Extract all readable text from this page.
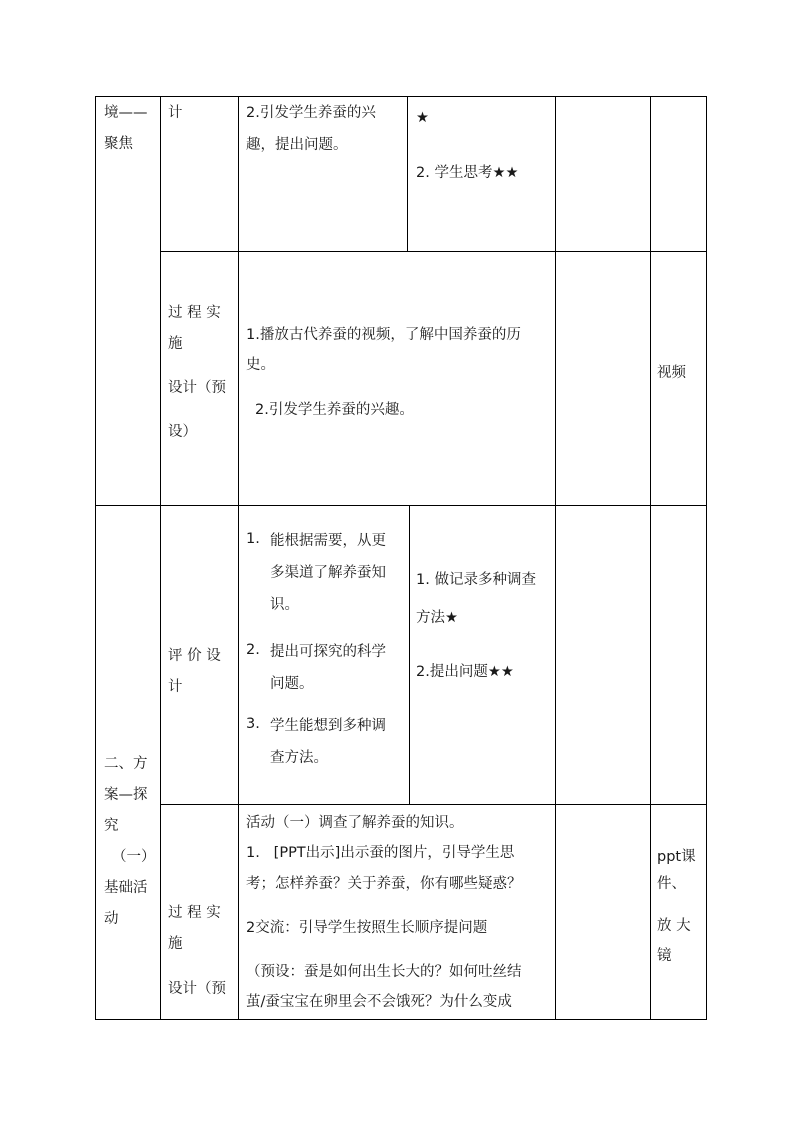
境——
聚焦
计	2.引发学生养蚕的兴
趣，提出问题。
★
2. 学生思考★★
过 程 实
施
设计（预
设）
1.播放古代养蚕的视频，了解中国养蚕的历
史。
2.引发学生养蚕的兴趣。
视频
二、方
案—探
究
（一）
基础活
动
评 价 设
计
1. 能根据需要，从更
多渠道了解养蚕知
识。
2. 提出可探究的科学
问题。
3. 学生能想到多种调
查方法。
1. 做记录多种调查
方法★
2.提出问题★★
过 程 实
施
设计（预
活动（一）调查了解养蚕的知识。
1.   [PPT出示]出示蚕的图片，引导学生思
考；怎样养蚕？关于养蚕，你有哪些疑惑？
2交流：引导学生按照生长顺序提问题
（预设：蚕是如何出生长大的？如何吐丝结
茧/蚕宝宝在卵里会不会饿死？为什么变成
ppt课
件、
放 大
镜
